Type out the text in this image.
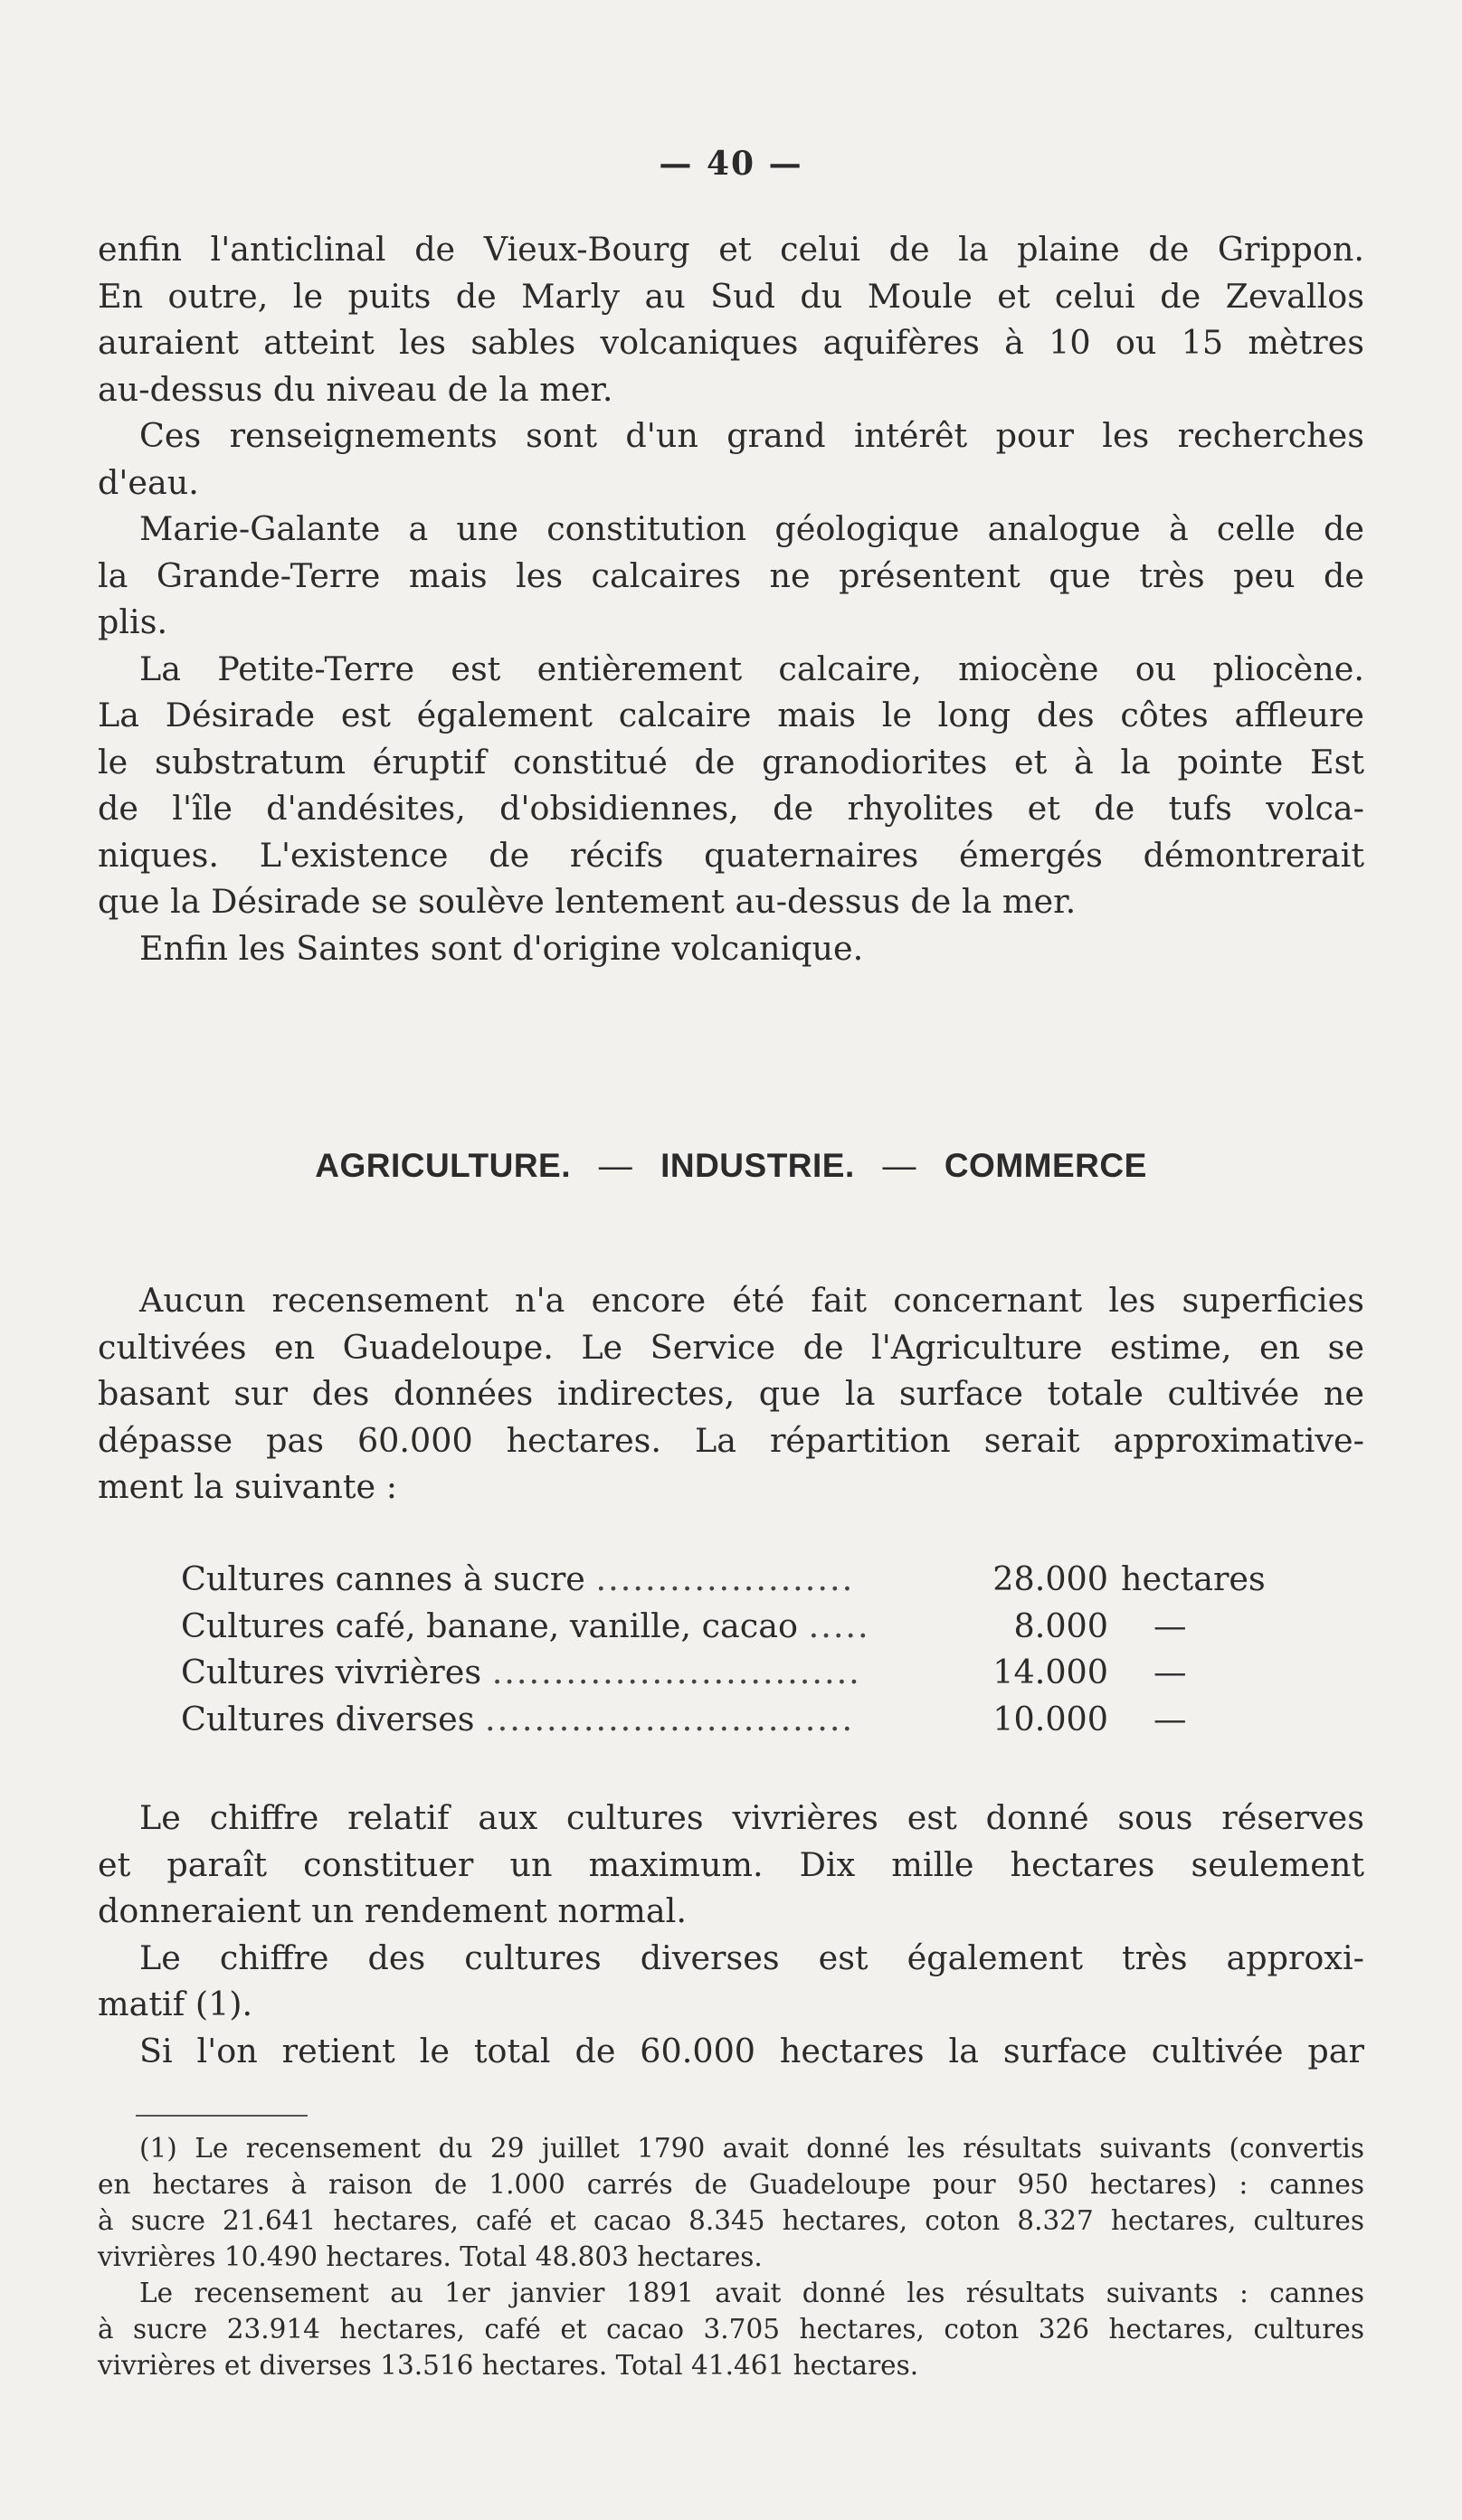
— 40 —
enfin l'anticlinal de Vieux-Bourg et celui de la plaine de Grippon.
En outre, le puits de Marly au Sud du Moule et celui de Zevallos
auraient atteint les sables volcaniques aquifères à 10 ou 15 mètres
au-dessus du niveau de la mer.
Ces renseignements sont d'un grand intérêt pour les recherches
d'eau.
Marie-Galante a une constitution géologique analogue à celle de
la Grande-Terre mais les calcaires ne présentent que très peu de
plis.
La Petite-Terre est entièrement calcaire, miocène ou pliocène.
La Désirade est également calcaire mais le long des côtes affleure
le substratum éruptif constitué de granodiorites et à la pointe Est
de l'île d'andésites, d'obsidiennes, de rhyolites et de tufs volca-
niques. L'existence de récifs quaternaires émergés démontrerait
que la Désirade se soulève lentement au-dessus de la mer.
Enfin les Saintes sont d'origine volcanique.
AGRICULTURE. — INDUSTRIE. — COMMERCE
Aucun recensement n'a encore été fait concernant les superficies
cultivées en Guadeloupe. Le Service de l'Agriculture estime, en se
basant sur des données indirectes, que la surface totale cultivée ne
dépasse pas 60.000 hectares. La répartition serait approximative-
ment la suivante :
Cultures cannes à sucre .....................	28.000	hectares
Cultures café, banane, vanille, cacao .....	8.000	—
Cultures vivrières ..............................	14.000	—
Cultures diverses ..............................	10.000	—
Le chiffre relatif aux cultures vivrières est donné sous réserves
et paraît constituer un maximum. Dix mille hectares seulement
donneraient un rendement normal.
Le chiffre des cultures diverses est également très approxi-
matif (1).
Si l'on retient le total de 60.000 hectares la surface cultivée par
(1) Le recensement du 29 juillet 1790 avait donné les résultats suivants (convertis
en hectares à raison de 1.000 carrés de Guadeloupe pour 950 hectares) : cannes
à sucre 21.641 hectares, café et cacao 8.345 hectares, coton 8.327 hectares, cultures
vivrières 10.490 hectares. Total 48.803 hectares.
Le recensement au 1er janvier 1891 avait donné les résultats suivants : cannes
à sucre 23.914 hectares, café et cacao 3.705 hectares, coton 326 hectares, cultures
vivrières et diverses 13.516 hectares. Total 41.461 hectares.
